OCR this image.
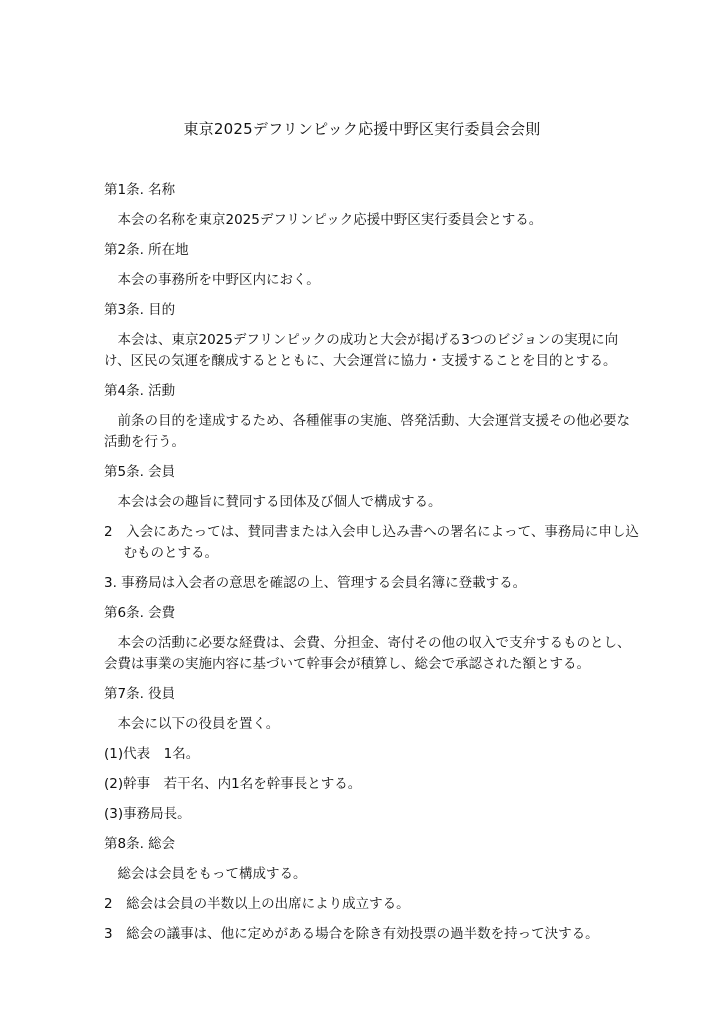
東京2025デフリンピック応援中野区実行委員会会則
第1条. 名称
本会の名称を東京2025デフリンピック応援中野区実行委員会とする。
第2条. 所在地
本会の事務所を中野区内におく。
第3条. 目的
本会は、東京2025デフリンピックの成功と大会が掲げる3つのビジョンの実現に向け、区民の気運を醸成するとともに、大会運営に協力・支援することを目的とする。
第4条. 活動
前条の目的を達成するため、各種催事の実施、啓発活動、大会運営支援その他必要な活動を行う。
第5条. 会員
本会は会の趣旨に賛同する団体及び個人で構成する。
2　入会にあたっては、賛同書または入会申し込み書への署名によって、事務局に申し込むものとする。
3. 事務局は入会者の意思を確認の上、管理する会員名簿に登載する。
第6条. 会費
本会の活動に必要な経費は、会費、分担金、寄付その他の収入で支弁するものとし、会費は事業の実施内容に基づいて幹事会が積算し、総会で承認された額とする。
第7条. 役員
本会に以下の役員を置く。
(1)代表　1名。
(2)幹事　若干名、内1名を幹事長とする。
(3)事務局長。
第8条. 総会
総会は会員をもって構成する。
2　総会は会員の半数以上の出席により成立する。
3　総会の議事は、他に定めがある場合を除き有効投票の過半数を持って決する。
